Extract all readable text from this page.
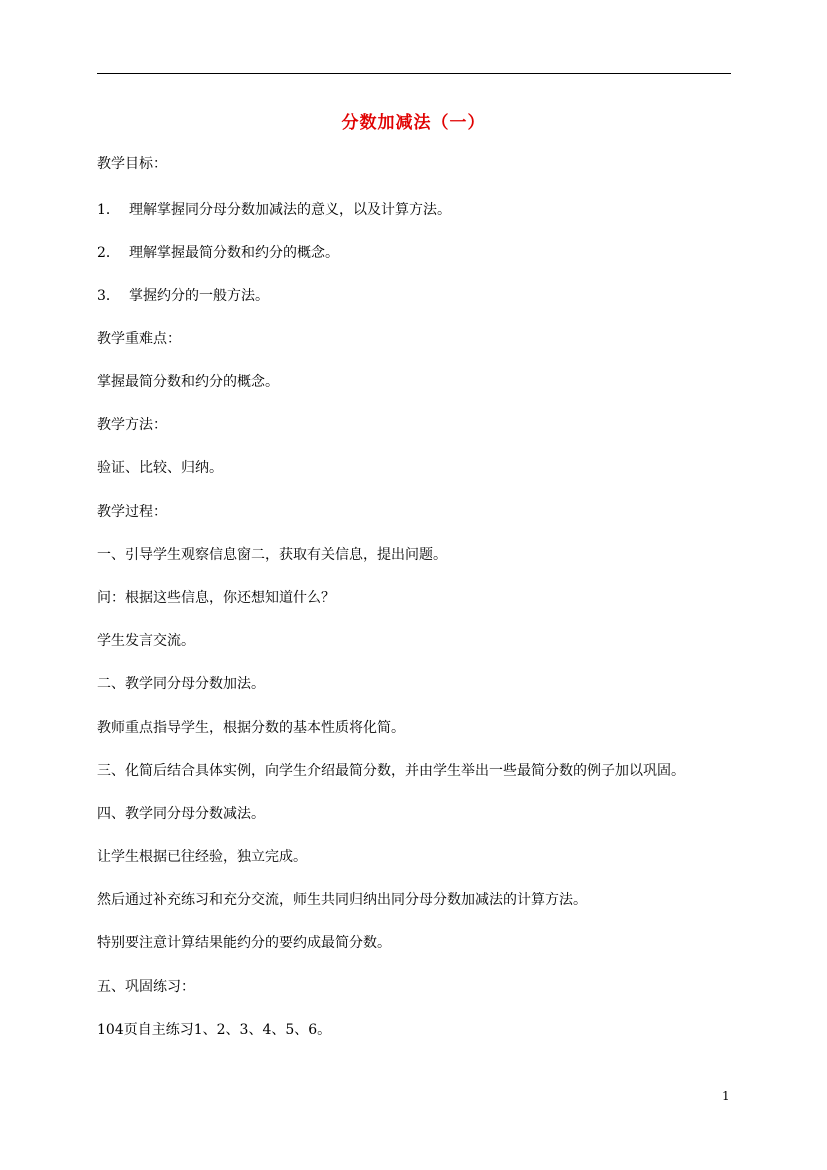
分数加减法（一）
教学目标：
1． 理解掌握同分母分数加减法的意义，以及计算方法。
2． 理解掌握最简分数和约分的概念。
3． 掌握约分的一般方法。
教学重难点：
掌握最简分数和约分的概念。
教学方法：
验证、比较、归纳。
教学过程：
一、引导学生观察信息窗二，获取有关信息，提出问题。
问：根据这些信息，你还想知道什么？
学生发言交流。
二、教学同分母分数加法。
教师重点指导学生，根据分数的基本性质将化简。
三、化简后结合具体实例，向学生介绍最简分数，并由学生举出一些最简分数的例子加以巩固。
四、教学同分母分数减法。
让学生根据已往经验，独立完成。
然后通过补充练习和充分交流，师生共同归纳出同分母分数加减法的计算方法。
特别要注意计算结果能约分的要约成最简分数。
五、巩固练习：
104页自主练习1、2、3、4、5、6。
1
